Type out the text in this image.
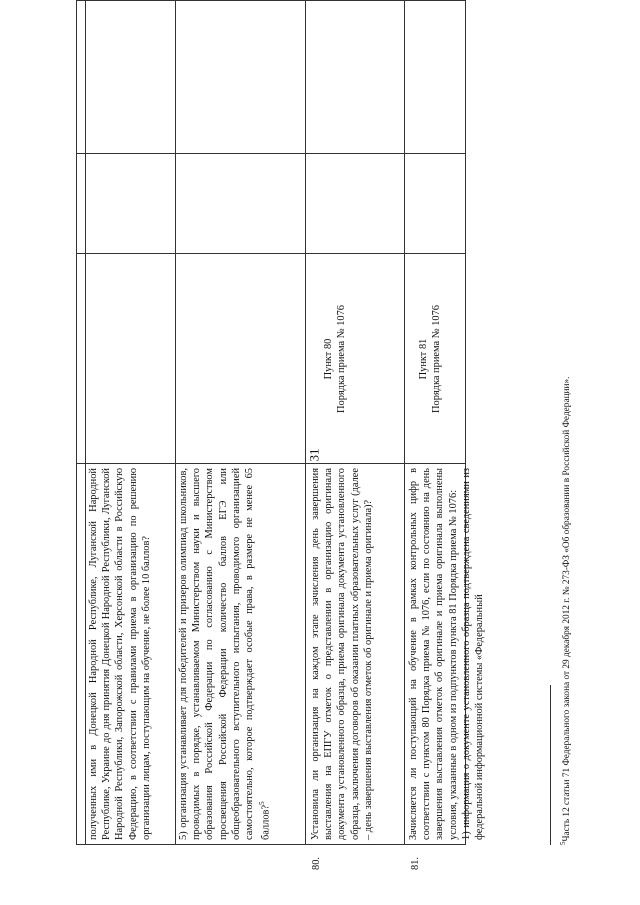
31

полученных ими в Донецкой Народной Республике, Луганской Народной Республике, Украине до дня принятия Донецкой Народной Республики, Луганской Народной Республики, Запорожской области, Херсонской области в Российскую Федерацию, в соответствии с правилами приема в организацию по решению организации лицам, поступающим на обучение, не более 10 баллов?	5) организация устанавливает для победителей и призеров олимпиад школьников, проводимых в порядке, устанавливаемом Министерством науки и высшего образования Российской Федерации по согласованию с Министерством просвещения Российской Федерации количество баллов ЕГЭ или общеобразовательного вступительного испытания, проводимого организацией самостоятельно, которое подтверждает особые права, в размере не менее 65 баллов?$^5$

80.

Установила ли организация на каждом этапе зачисления день завершения выставления на ЕПГУ отметок о представлении в организацию оригинала документа установленного образца, приема оригинала документа установленного образца, заключения договоров об оказании платных образовательных услуг (далее – день завершения выставления отметок об оригинале и приема оригинала)?

Пункт 80 Порядка приема № 1076
81.

Зачисляется ли поступающий на обучение в рамках контрольных цифр в соответствии с пунктом 80 Порядка приема № 1076, если по состоянию на день завершения выставления отметок об оригинале и приема оригинала выполнены условия, указанные в одном из подпунктов пункта 81 Порядка приема № 1076: 1) информация о документе установленного образца подтверждена сведениями из федеральной информационной системы «Федеральный

Пункт 81 Порядка приема № 1076
$^5$Часть 12 статьи 71 Федерального закона от 29 декабря 2012 г. № 273-ФЗ «Об образовании в Российской Федерации».
